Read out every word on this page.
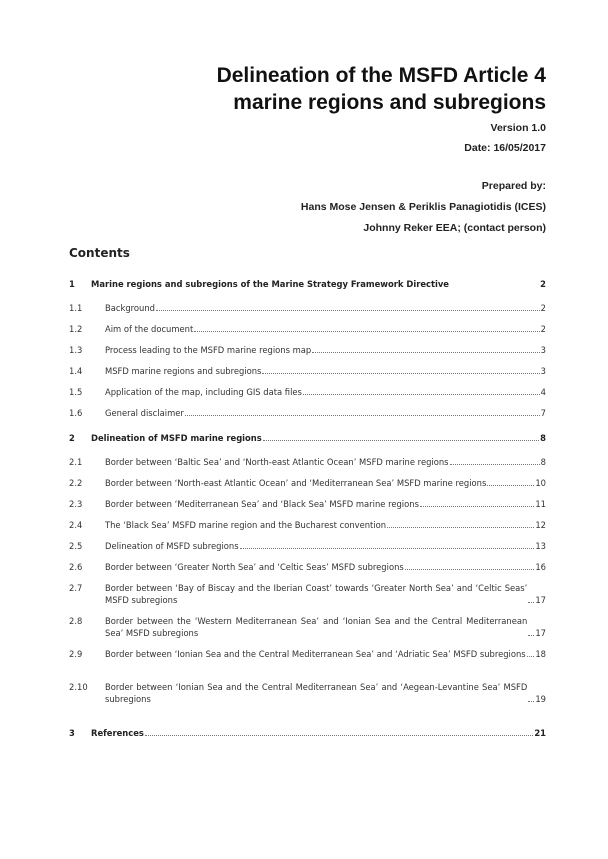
Delineation of the MSFD Article 4
marine regions and subregions
Version 1.0
Date: 16/05/2017
Prepared by:
Hans Mose Jensen & Periklis Panagiotidis (ICES)
Johnny Reker EEA; (contact person)
Contents
1	Marine regions and subregions of the Marine Strategy Framework Directive	2
1.1	Background	2
1.2	Aim of the document	2
1.3	Process leading to the MSFD marine regions map	3
1.4	MSFD marine regions and subregions	3
1.5	Application of the map, including GIS data files	4
1.6	General disclaimer	7
2	Delineation of MSFD marine regions	8
2.1	Border between ‘Baltic Sea’ and ‘North-east Atlantic Ocean’ MSFD marine regions	8
2.2	Border between ‘North-east Atlantic Ocean’ and ‘Mediterranean Sea’ MSFD marine regions	10
2.3	Border between ‘Mediterranean Sea’ and ‘Black Sea’ MSFD marine regions	11
2.4	The ‘Black Sea’ MSFD marine region and the Bucharest convention	12
2.5	Delineation of MSFD subregions	13
2.6	Border between ‘Greater North Sea’ and ‘Celtic Seas’ MSFD subregions	16
2.7	Border between ‘Bay of Biscay and the Iberian Coast’ towards ‘Greater North Sea’ and ‘Celtic Seas’ MSFD subregions	17
2.8	Border between the ‘Western Mediterranean Sea’ and ‘Ionian Sea and the Central Mediterranean Sea’ MSFD subregions	17
2.9	Border between ‘Ionian Sea and the Central Mediterranean Sea’ and ‘Adriatic Sea’ MSFD subregions 18
2.10	Border between ‘Ionian Sea and the Central Mediterranean Sea’ and ‘Aegean-Levantine Sea’ MSFD subregions	19
3	References	21
